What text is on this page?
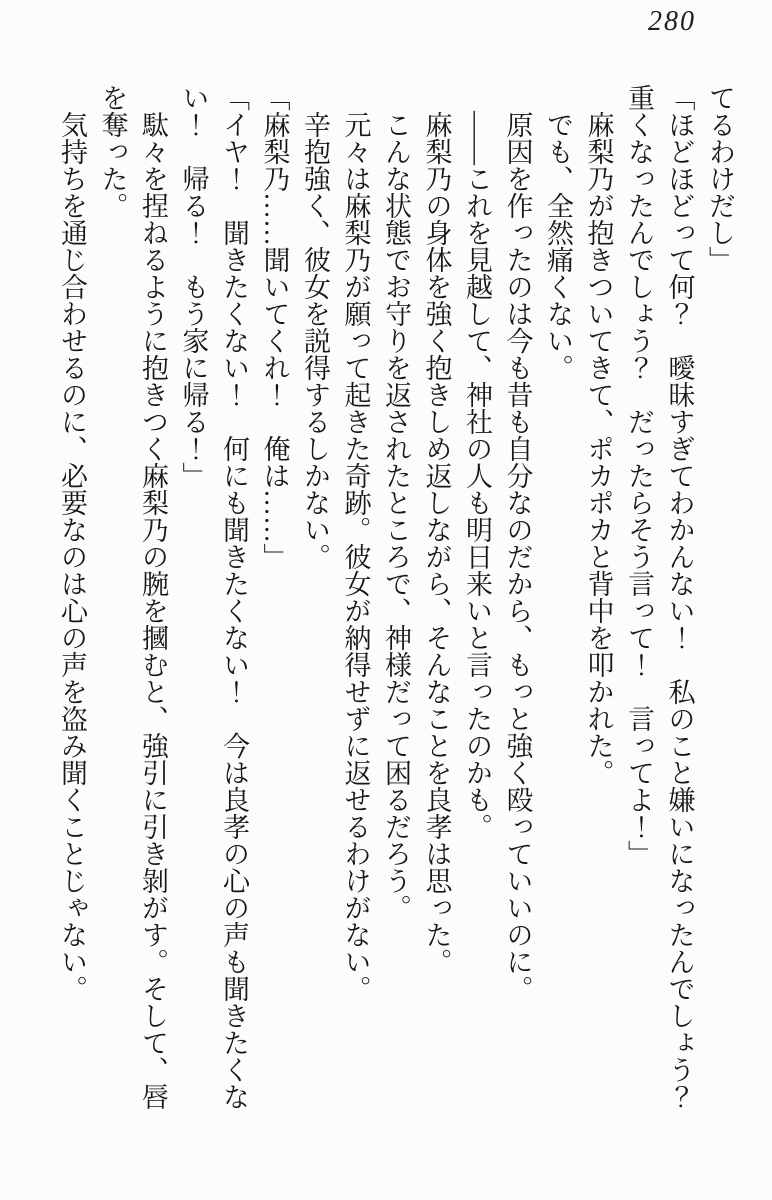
280

てるわけだし」

「ほどほどって何？　曖昧すぎてわかんない！　私のこと嫌いになったんでしょう？

重くなったんでしょう？　だったらそう言って！　言ってよ！」

麻梨乃が抱きついてきて、ポカポカと背中を叩かれた。

でも、全然痛くない。

原因を作ったのは今も昔も自分なのだから、もっと強く殴っていいのに。

――これを見越して、神社の人も明日来いと言ったのかも。

麻梨乃の身体を強く抱きしめ返しながら、そんなことを良孝は思った。

こんな状態でお守りを返されたところで、神様だって困るだろう。

元々は麻梨乃が願って起きた奇跡。彼女が納得せずに返せるわけがない。

辛抱強く、彼女を説得するしかない。

「麻梨乃……聞いてくれ！　俺は……」

「イヤ！　聞きたくない！　何にも聞きたくない！　今は良孝の心の声も聞きたくな

い！　帰る！　もう家に帰る！」

駄々を捏ねるように抱きつく麻梨乃の腕を摑むと、強引に引き剝がす。そして、唇

を奪った。

気持ちを通じ合わせるのに、必要なのは心の声を盗み聞くことじゃない。
